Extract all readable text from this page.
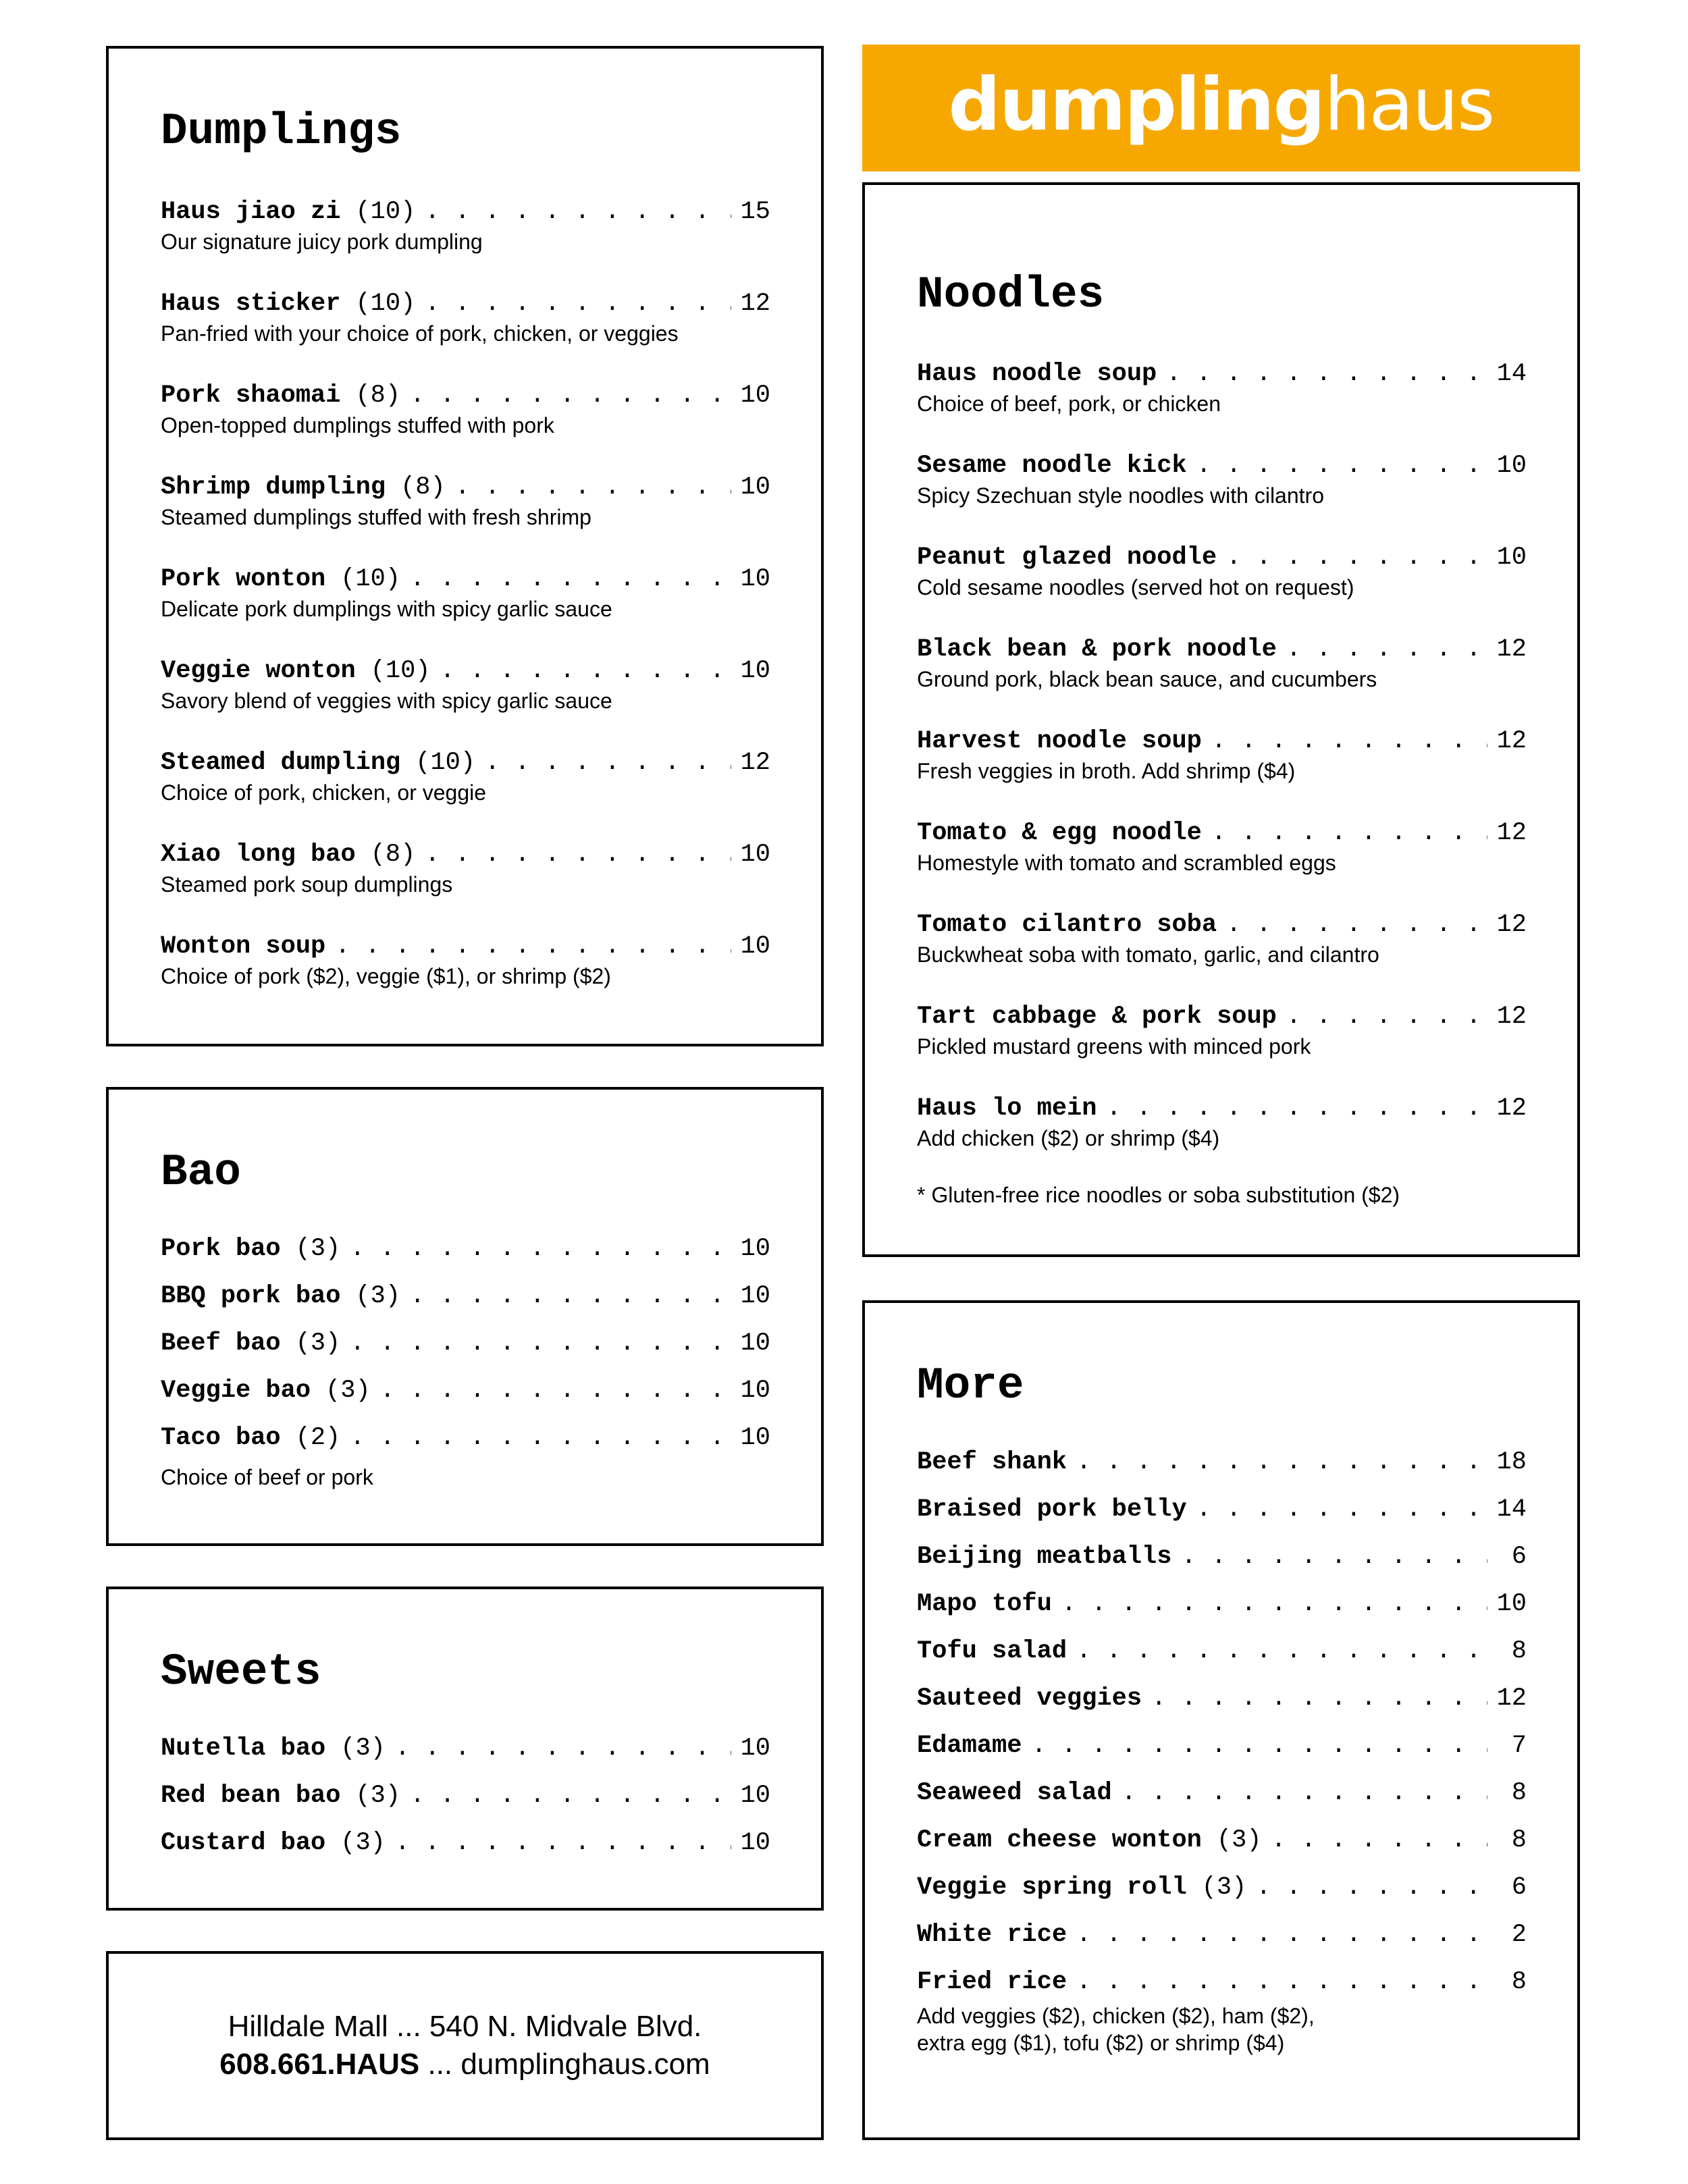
Dumplings
Haus jiao zi (10) . . .	15
Our signature juicy pork dumpling
Haus sticker (10) . . .	12
Pan-fried with your choice of pork, chicken, or veggies
Pork shaomai (8) . . .	10
Open-topped dumplings stuffed with pork
Shrimp dumpling (8) . . .	10
Steamed dumplings stuffed with fresh shrimp
Pork wonton (10) . . .	10
Delicate pork dumplings with spicy garlic sauce
Veggie wonton (10) . . .	10
Savory blend of veggies with spicy garlic sauce
Steamed dumpling (10) . . .	12
Choice of pork, chicken, or veggie
Xiao long bao (8) . . .	10
Steamed pork soup dumplings
Wonton soup . . .	10
Choice of pork ($2), veggie ($1), or shrimp ($2)
Bao
Pork bao (3) . . .	10
BBQ pork bao (3) . . .	10
Beef bao (3) . . .	10
Veggie bao (3) . . .	10
Taco bao (2) . . .	10
Choice of beef or pork
Sweets
Nutella bao (3) . . .	10
Red bean bao (3) . . .	10
Custard bao (3) . . .	10
Hilldale Mall ... 540 N. Midvale Blvd.
608.661.HAUS ... dumplinghaus.com
dumplinghaus
Noodles
Haus noodle soup . . .	14
Choice of beef, pork, or chicken
Sesame noodle kick . . .	10
Spicy Szechuan style noodles with cilantro
Peanut glazed noodle . . .	10
Cold sesame noodles (served hot on request)
Black bean & pork noodle . . .	12
Ground pork, black bean sauce, and cucumbers
Harvest noodle soup . . .	12
Fresh veggies in broth. Add shrimp ($4)
Tomato & egg noodle . . .	12
Homestyle with tomato and scrambled eggs
Tomato cilantro soba . . .	12
Buckwheat soba with tomato, garlic, and cilantro
Tart cabbage & pork soup . . .	12
Pickled mustard greens with minced pork
Haus lo mein . . .	12
Add chicken ($2) or shrimp ($4)
* Gluten-free rice noodles or soba substitution ($2)
More
Beef shank . . .	18
Braised pork belly . . .	14
Beijing meatballs . . .	6
Mapo tofu . . .	10
Tofu salad . . .	8
Sauteed veggies . . .	12
Edamame . . .	7
Seaweed salad . . .	8
Cream cheese wonton (3) . . .	8
Veggie spring roll (3) . . .	6
White rice . . .	2
Fried rice . . .	8
Add veggies ($2), chicken ($2), ham ($2),
extra egg ($1), tofu ($2) or shrimp ($4)
